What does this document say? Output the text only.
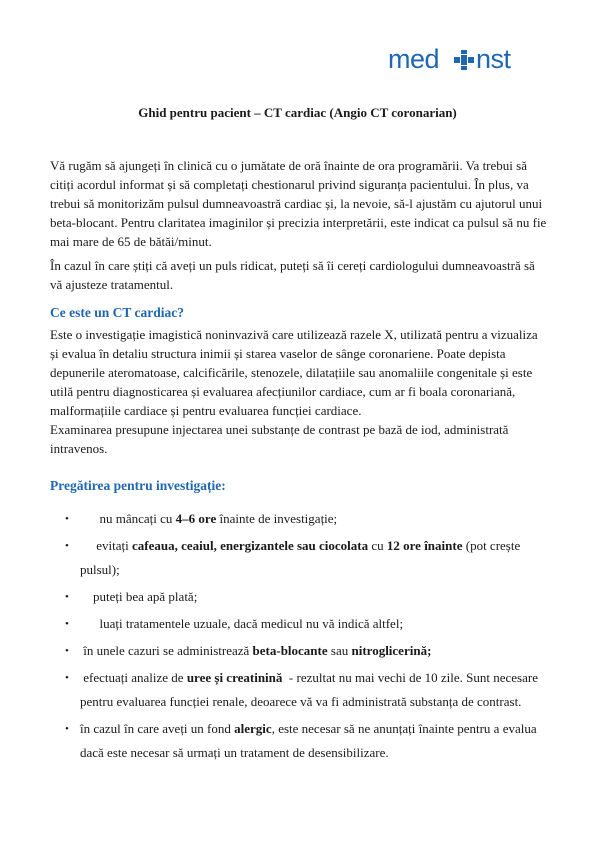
med nst
Ghid pentru pacient – CT cardiac (Angio CT coronarian)

Vă rugăm să ajungeți în clinică cu o jumătate de oră înainte de ora programării. Va trebui să citiți acordul informat și să completați chestionarul privind siguranța pacientului. În plus, va trebui să monitorizăm pulsul dumneavoastră cardiac și, la nevoie, să-l ajustăm cu ajutorul unui beta-blocant. Pentru claritatea imaginilor și precizia interpretării, este indicat ca pulsul să nu fie mai mare de 65 de bătăi/minut.

În cazul în care știți că aveți un puls ridicat, puteți să îi cereți cardiologului dumneavoastră să vă ajusteze tratamentul.

Ce este un CT cardiac?

Este o investigație imagistică noninvazivă care utilizează razele X, utilizată pentru a vizualiza și evalua în detaliu structura inimii și starea vaselor de sânge coronariene. Poate depista depunerile ateromatoase, calcificările, stenozele, dilatațiile sau anomaliile congenitale și este utilă pentru diagnosticarea și evaluarea afecțiunilor cardiace, cum ar fi boala coronariană, malformațiile cardiace și pentru evaluarea funcției cardiace.

Examinarea presupune injectarea unei substanțe de contrast pe bază de iod, administrată intravenos.

Pregătirea pentru investigație:

• nu mâncați cu 4–6 ore înainte de investigație;
• evitați cafeaua, ceaiul, energizantele sau ciocolata cu 12 ore înainte (pot crește pulsul);
• puteți bea apă plată;
• luați tratamentele uzuale, dacă medicul nu vă indică altfel;
• în unele cazuri se administrează beta-blocante sau nitroglicerină;
• efectuați analize de uree și creatinină  - rezultat nu mai vechi de 10 zile. Sunt necesare pentru evaluarea funcției renale, deoarece vă va fi administrată substanța de contrast.
• în cazul în care aveți un fond alergic, este necesar să ne anunțați înainte pentru a evalua dacă este necesar să urmați un tratament de desensibilizare.
